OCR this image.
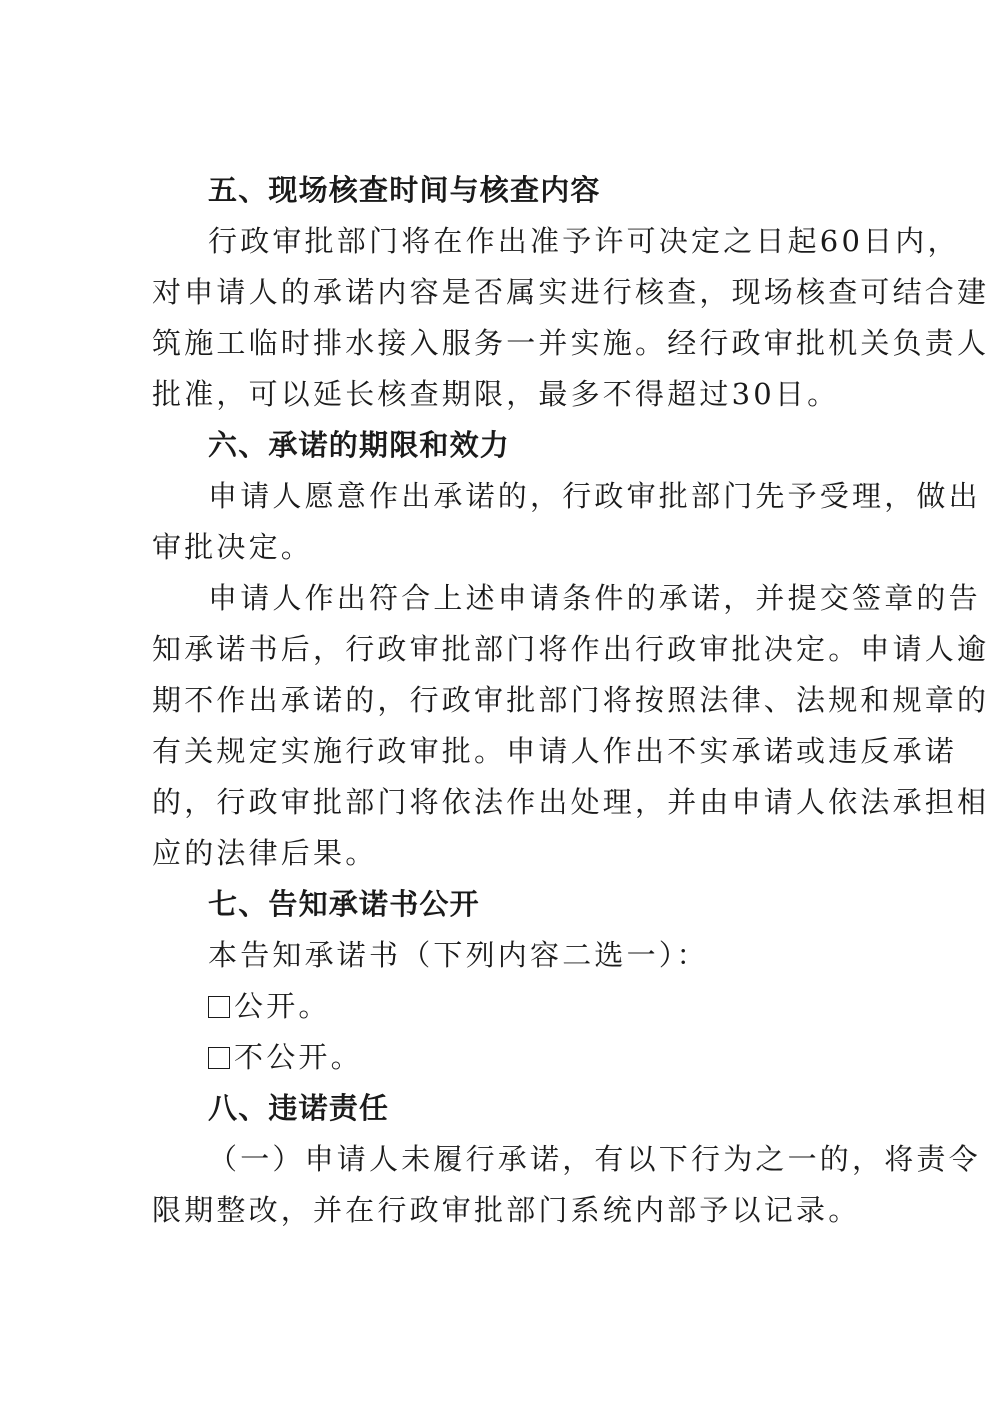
五、现场核查时间与核查内容
行政审批部门将在作出准予许可决定之日起60日内，
对申请人的承诺内容是否属实进行核查，现场核查可结合建
筑施工临时排水接入服务一并实施。经行政审批机关负责人
批准，可以延长核查期限，最多不得超过30日。
六、承诺的期限和效力
申请人愿意作出承诺的，行政审批部门先予受理，做出
审批决定。
申请人作出符合上述申请条件的承诺，并提交签章的告
知承诺书后，行政审批部门将作出行政审批决定。申请人逾
期不作出承诺的，行政审批部门将按照法律、法规和规章的
有关规定实施行政审批。申请人作出不实承诺或违反承诺
的，行政审批部门将依法作出处理，并由申请人依法承担相
应的法律后果。
七、告知承诺书公开
本告知承诺书（下列内容二选一）：
公开。
不公开。
八、违诺责任
（一）申请人未履行承诺，有以下行为之一的，将责令
限期整改，并在行政审批部门系统内部予以记录。
